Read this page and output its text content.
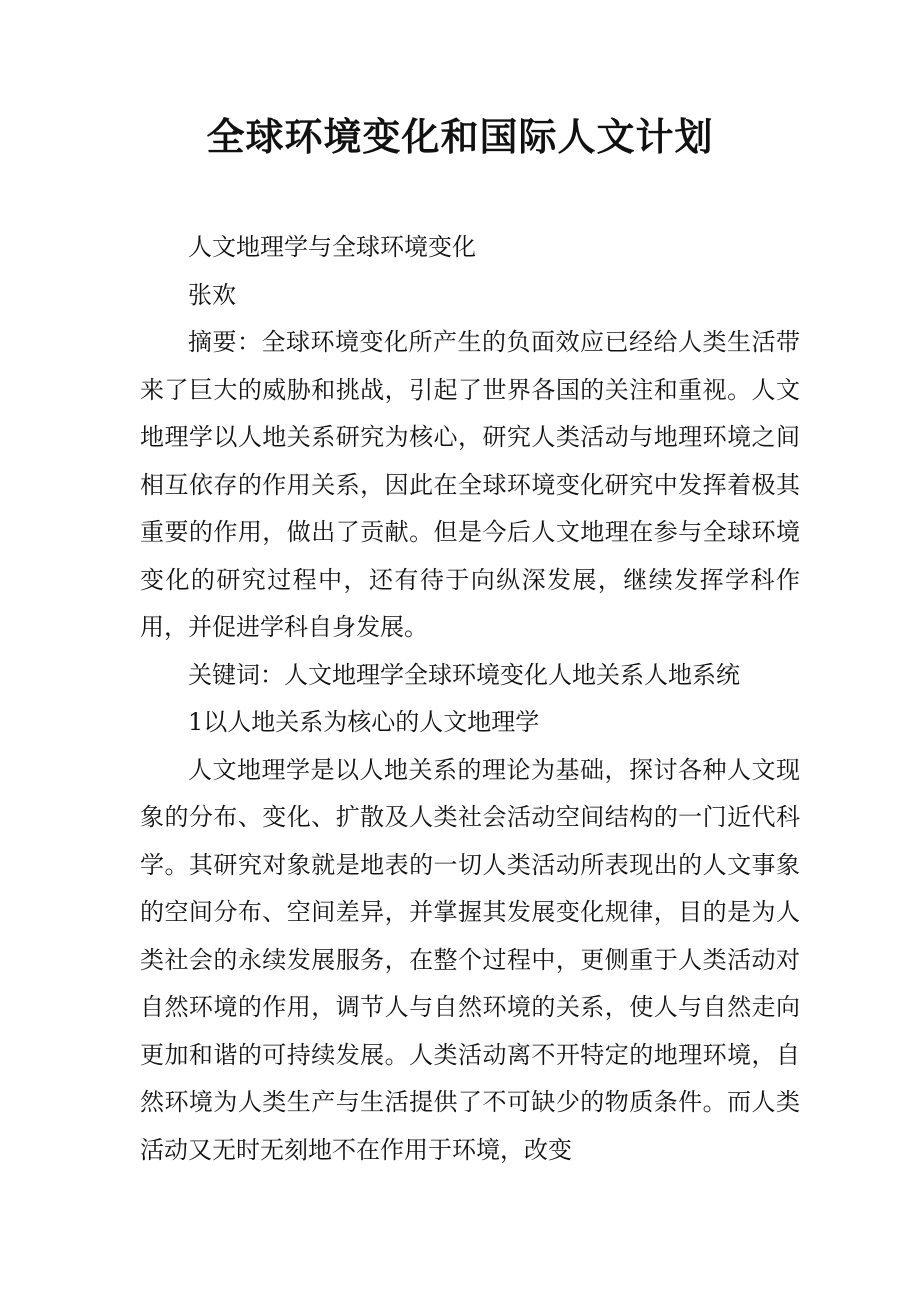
全球环境变化和国际人文计划

人文地理学与全球环境变化

张欢

摘要：全球环境变化所产生的负面效应已经给人类生活带来了巨大的威胁和挑战，引起了世界各国的关注和重视。人文地理学以人地关系研究为核心，研究人类活动与地理环境之间相互依存的作用关系，因此在全球环境变化研究中发挥着极其重要的作用，做出了贡献。但是今后人文地理在参与全球环境变化的研究过程中，还有待于向纵深发展，继续发挥学科作用，并促进学科自身发展。

关键词：人文地理学全球环境变化人地关系人地系统

1以人地关系为核心的人文地理学

人文地理学是以人地关系的理论为基础，探讨各种人文现象的分布、变化、扩散及人类社会活动空间结构的一门近代科学。其研究对象就是地表的一切人类活动所表现出的人文事象的空间分布、空间差异，并掌握其发展变化规律，目的是为人类社会的永续发展服务，在整个过程中，更侧重于人类活动对自然环境的作用，调节人与自然环境的关系，使人与自然走向更加和谐的可持续发展。人类活动离不开特定的地理环境，自然环境为人类生产与生活提供了不可缺少的物质条件。而人类活动又无时无刻地不在作用于环境，改变
